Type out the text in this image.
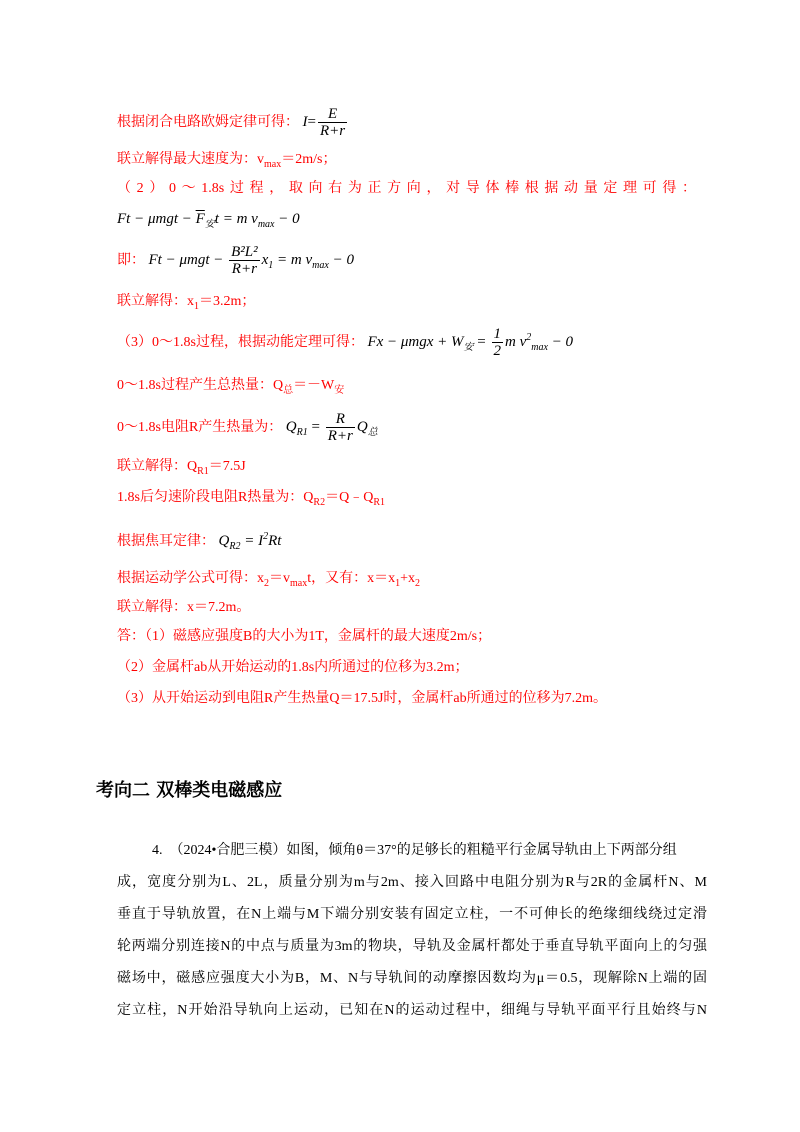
根据闭合电路欧姆定律可得： $I= \frac{E}{R+r}$
联立解得最大速度为：$v_{max}=2m/s$；
（2）0～1.8s过程，取向右为正方向，对导体棒根据动量定理可得：
$Ft - \mu mgt - \overline{F}_安t = m$ $v_{max} - 0$
即： $Ft - \mu mgt - \frac{\text{B²L²}}{R+r} x_1 = m$ $v_{max} - 0$
联立解得：$x_1=3.2m$；
（3）0～1.8s过程，根据动能定理可得： $Fx - \mu mgx + W_安 = \frac{1}{2}$ m $v^2_{max} - 0$
0～1.8s过程产生总热量：$Q_总=-W_安$
0～1.8s电阻R产生热量为： $Q_{R1} = \frac{R}{R+r} Q_总$
联立解得：$Q_{R1}=7.5J$
1.8s后匀速阶段电阻R热量为：$Q_{R2}=Q﹣Q_{R1}$
根据焦耳定律： $Q_{R2} = I^2Rt$
根据运动学公式可得：$x_2=v_{max}t$，又有：$x=x_1+x_2$
联立解得：x＝7.2m。
答：（1）磁感应强度B的大小为1T，金属杆的最大速度2m/s；
（2）金属杆ab从开始运动的1.8s内所通过的位移为3.2m；
（3）从开始运动到电阻R产生热量Q＝17.5J时，金属杆ab所通过的位移为7.2m。
考向二 双棒类电磁感应
4.　（2024•合肥三模）如图，倾角θ＝37°的足够长的粗糙平行金属导轨由上下两部分组
成，宽度分别为L、2L，质量分别为m与2m、接入回路中电阻分别为R与2R的金属杆N、M
垂直于导轨放置，在N上端与M下端分别安装有固定立柱，一不可伸长的绝缘细线绕过定滑
轮两端分别连接N的中点与质量为3m的物块，导轨及金属杆都处于垂直导轨平面向上的匀强
磁场中，磁感应强度大小为B，M、N与导轨间的动摩擦因数均为μ＝0.5，现解除N上端的固
定立柱，N开始沿导轨向上运动，已知在N的运动过程中，细绳与导轨平面平行且始终与N
